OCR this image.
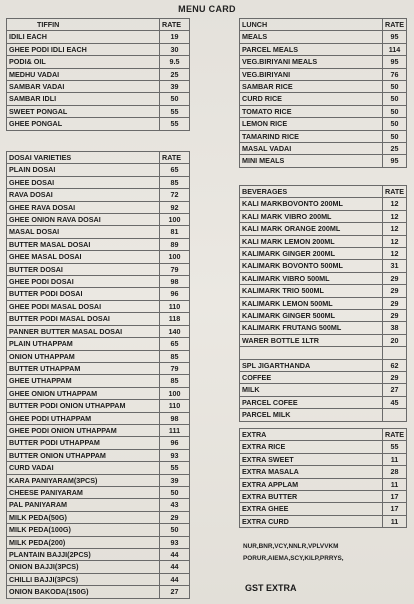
MENU CARD
TIFFIN	RATE
IDILI EACH	19
GHEE PODI IDLI EACH	30
PODI& OIL	9.5
MEDHU VADAI	25
SAMBAR VADAI	39
SAMBAR IDLI	50
SWEET PONGAL	55
GHEE PONGAL	55
DOSAI VARIETIES	RATE
PLAIN DOSAI	65
GHEE DOSAI	85
RAVA DOSAI	72
GHEE RAVA DOSAI	92
GHEE ONION RAVA DOSAI	100
MASAL DOSAI	81
BUTTER MASAL DOSAI	89
GHEE MASAL DOSAI	100
BUTTER DOSAI	79
GHEE PODI DOSAI	98
BUTTER PODI DOSAI	96
GHEE PODI MASAL DOSAI	110
BUTTER PODI MASAL DOSAI	118
PANNER BUTTER MASAL DOSAI	140
PLAIN UTHAPPAM	65
ONION UTHAPPAM	85
BUTTER UTHAPPAM	79
GHEE UTHAPPAM	85
GHEE ONION UTHAPPAM	100
BUTTER PODI ONION UTHAPPAM	110
GHEE PODI UTHAPPAM	98
GHEE PODI ONION UTHAPPAM	111
BUTTER PODI UTHAPPAM	96
BUTTER ONION UTHAPPAM	93
CURD VADAI	55
KARA PANIYARAM(3PCS)	39
CHEESE PANIYARAM	50
PAL PANIYARAM	43
MILK PEDA(50G)	29
MILK PEDA(100G)	50
MILK PEDA(200)	93
PLANTAIN BAJJI(2PCS)	44
ONION BAJJI(3PCS)	44
CHILLI BAJJI(3PCS)	44
ONION BAKODA(150G)	27
LUNCH	RATE
MEALS	95
PARCEL MEALS	114
VEG.BIRIYANI MEALS	95
VEG.BIRIYANI	76
SAMBAR RICE	50
CURD RICE	50
TOMATO RICE	50
LEMON RICE	50
TAMARIND RICE	50
MASAL VADAI	25
MINI MEALS	95
BEVERAGES	RATE
KALI MARKBOVONTO 200ML	12
KALI MARK VIBRO 200ML	12
KALI MARK ORANGE 200ML	12
KALI MARK LEMON 200ML	12
KALIMARK GINGER 200ML	12
KALIMARK BOVONTO 500ML	31
KALIMARK VIBRO 500ML	29
KALIMARK TRIO 500ML	29
KALIMARK LEMON 500ML	29
KALIMARK GINGER 500ML	29
KALIMARK FRUTANG 500ML	38
WARER BOTTLE 1LTR	20

SPL JIGARTHANDA	62
COFFEE	29
MILK	27
PARCEL COFEE	45
PARCEL MILK	
EXTRA	RATE
EXTRA RICE	55
EXTRA SWEET	11
EXTRA MASALA	28
EXTRA APPLAM	11
EXTRA BUTTER	17
EXTRA GHEE	17
EXTRA CURD	11
NUR,BNR,VCY,NNLR,VPLVVKM
PORUR,AIEMA,SCY,KILP,PRRYS,
GST EXTRA
